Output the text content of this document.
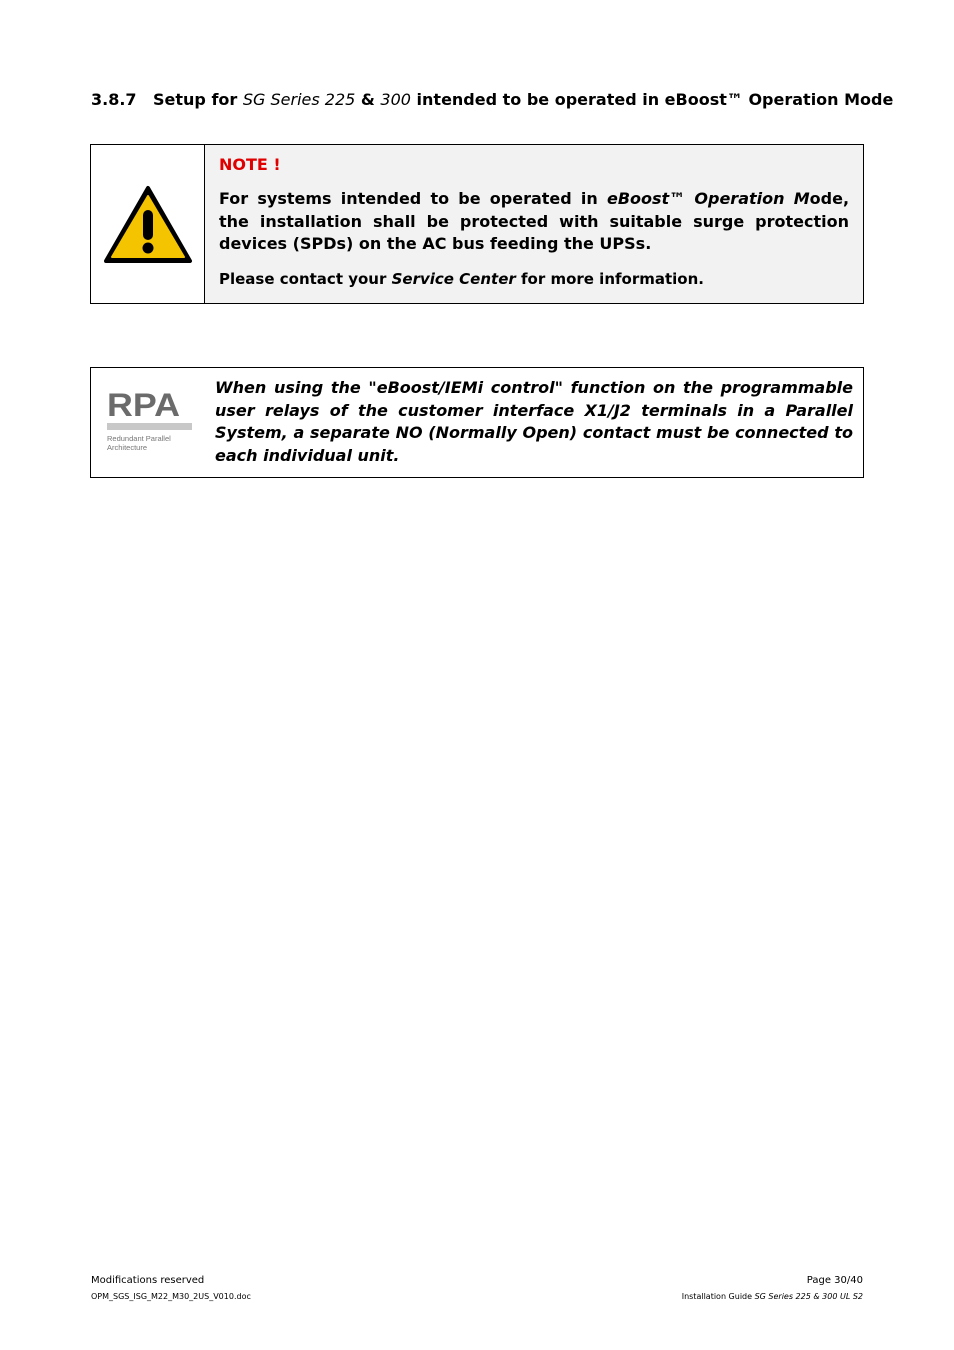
3.8.7 Setup for SG Series 225 & 300 intended to be operated in eBoost™ Operation Mode

NOTE !

For systems intended to be operated in eBoost™ Operation Mode, the installation shall be protected with suitable surge protection devices (SPDs) on the AC bus feeding the UPSs.

Please contact your Service Center for more information.

RPA
Redundant Parallel
Architecture
When using the "eBoost/IEMi control" function on the programmable user relays of the customer interface X1/J2 terminals in a Parallel System, a separate NO (Normally Open) contact must be connected to each individual unit.
Modifications reserved	Page 30/40
OPM_SGS_ISG_M22_M30_2US_V010.doc	Installation Guide SG Series 225 & 300 UL S2
